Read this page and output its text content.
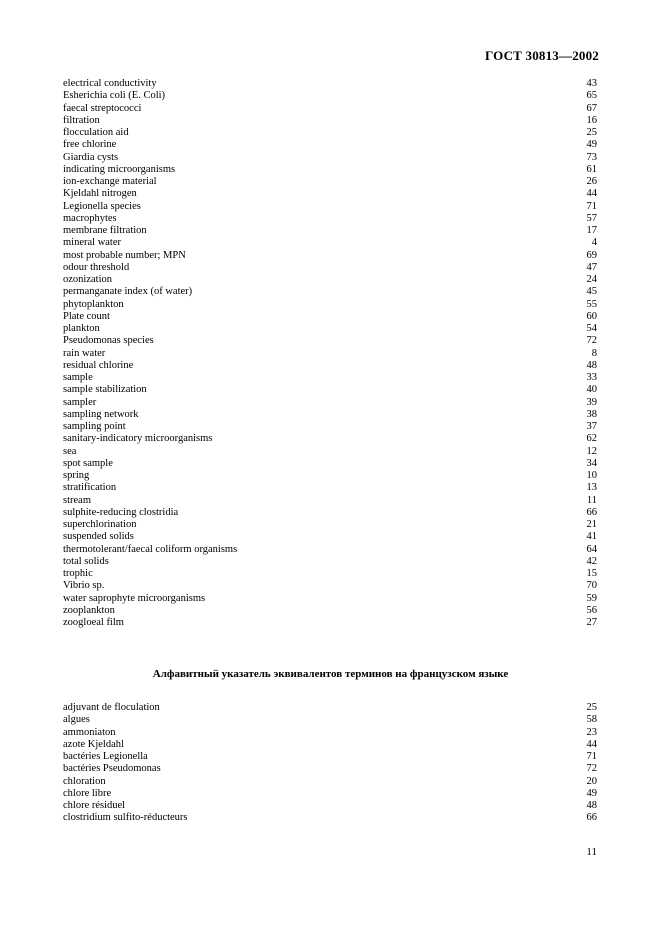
ГОСТ 30813—2002
electrical conductivity	43
Esherichia coli (E. Coli)	65
faecal streptococci	67
filtration	16
flocculation aid	25
free chlorine	49
Giardia cysts	73
indicating microorganisms	61
ion-exchange material	26
Kjeldahl nitrogen	44
Legionella species	71
macrophytes	57
membrane filtration	17
mineral water	4
most probable number; MPN	69
odour threshold	47
ozonization	24
permanganate index (of water)	45
phytoplankton	55
Plate count	60
plankton	54
Pseudomonas species	72
rain water	8
residual chlorine	48
sample	33
sample stabilization	40
sampler	39
sampling network	38
sampling point	37
sanitary-indicatory microorganisms	62
sea	12
spot sample	34
spring	10
stratification	13
stream	11
sulphite-reducing clostridia	66
superchlorination	21
suspended solids	41
thermotolerant/faecal coliform organisms	64
total solids	42
trophic	15
Vibrio sp.	70
water saprophyte microorganisms	59
zooplankton	56
zoogloeal film	27
Алфавитный указатель эквивалентов терминов на французском языке
adjuvant de floculation	25
algues	58
ammoniaton	23
azote Kjeldahl	44
bactéries Legionella	71
bactéries Pseudomonas	72
chloration	20
chlore libre	49
chlore résiduel	48
clostridium sulfito-réducteurs	66
11
